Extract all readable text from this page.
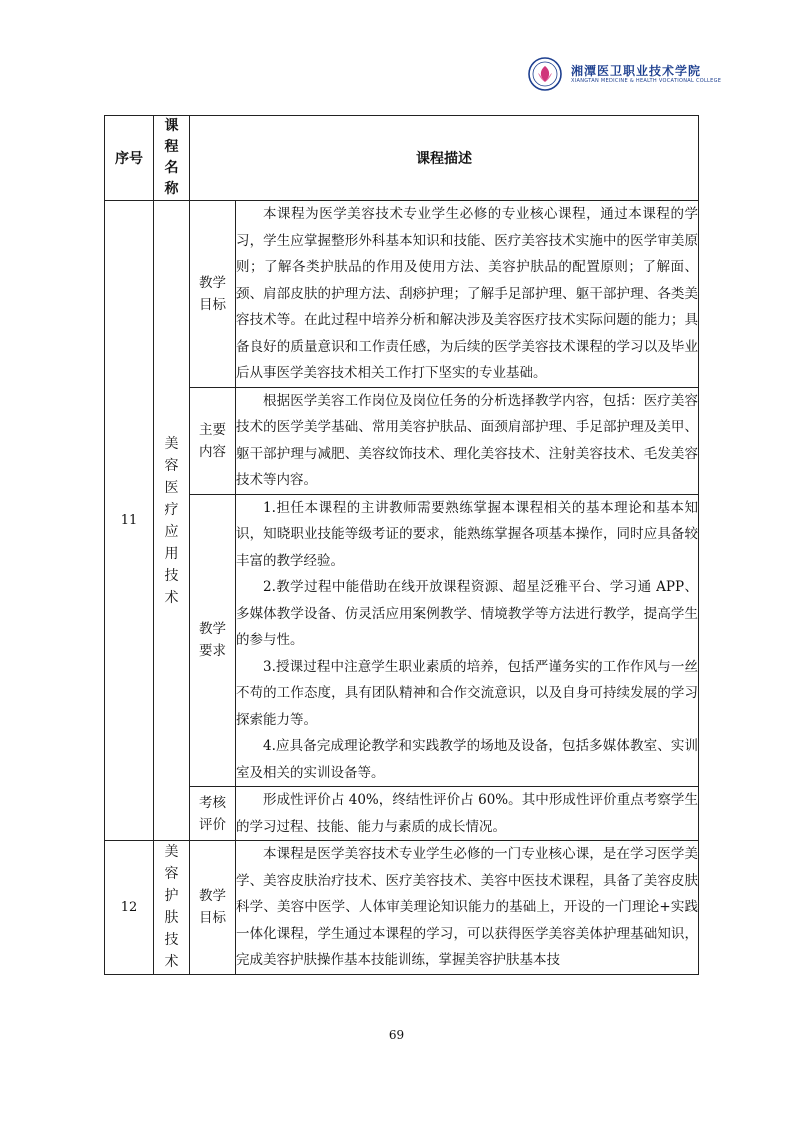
湘潭医卫职业技术学院
XIANGTAN MEDICINE & HEALTH VOCATIONAL COLLEGE
序号	课程名称	课程描述	
11	美容医疗应用技术	教学目标	本课程为医学美容技术专业学生必修的专业核心课程，通过本课程的学习，学生应掌握整形外科基本知识和技能、医疗美容技术实施中的医学审美原则；了解各类护肤品的作用及使用方法、美容护肤品的配置原则；了解面、颈、肩部皮肤的护理方法、刮痧护理；了解手足部护理、躯干部护理、各类美容技术等。在此过程中培养分析和解决涉及美容医疗技术实际问题的能力；具备良好的质量意识和工作责任感，为后续的医学美容技术课程的学习以及毕业后从事医学美容技术相关工作打下坚实的专业基础。

		主要内容	根据医学美容工作岗位及岗位任务的分析选择教学内容，包括：医疗美容技术的医学美学基础、常用美容护肤品、面颈肩部护理、手足部护理及美甲、躯干部护理与减肥、美容纹饰技术、理化美容技术、注射美容技术、毛发美容技术等内容。

		教学要求	1.担任本课程的主讲教师需要熟练掌握本课程相关的基本理论和基本知识，知晓职业技能等级考证的要求，能熟练掌握各项基本操作，同时应具备较丰富的教学经验。

2.教学过程中能借助在线开放课程资源、超星泛雅平台、学习通 APP、多媒体教学设备、仿灵活应用案例教学、情境教学等方法进行教学，提高学生的参与性。

3.授课过程中注意学生职业素质的培养，包括严谨务实的工作作风与一丝不苟的工作态度，具有团队精神和合作交流意识，以及自身可持续发展的学习探索能力等。

4.应具备完成理论教学和实践教学的场地及设备，包括多媒体教室、实训室及相关的实训设备等。

		考核评价	形成性评价占 40%，终结性评价占 60%。其中形成性评价重点考察学生的学习过程、技能、能力与素质的成长情况。

12	美容护肤技术	教学目标	本课程是医学美容技术专业学生必修的一门专业核心课，是在学习医学美学、美容皮肤治疗技术、医疗美容技术、美容中医技术课程，具备了美容皮肤科学、美容中医学、人体审美理论知识能力的基础上，开设的一门理论+实践一体化课程，学生通过本课程的学习，可以获得医学美容美体护理基础知识，完成美容护肤操作基本技能训练，掌握美容护肤基本技

69
